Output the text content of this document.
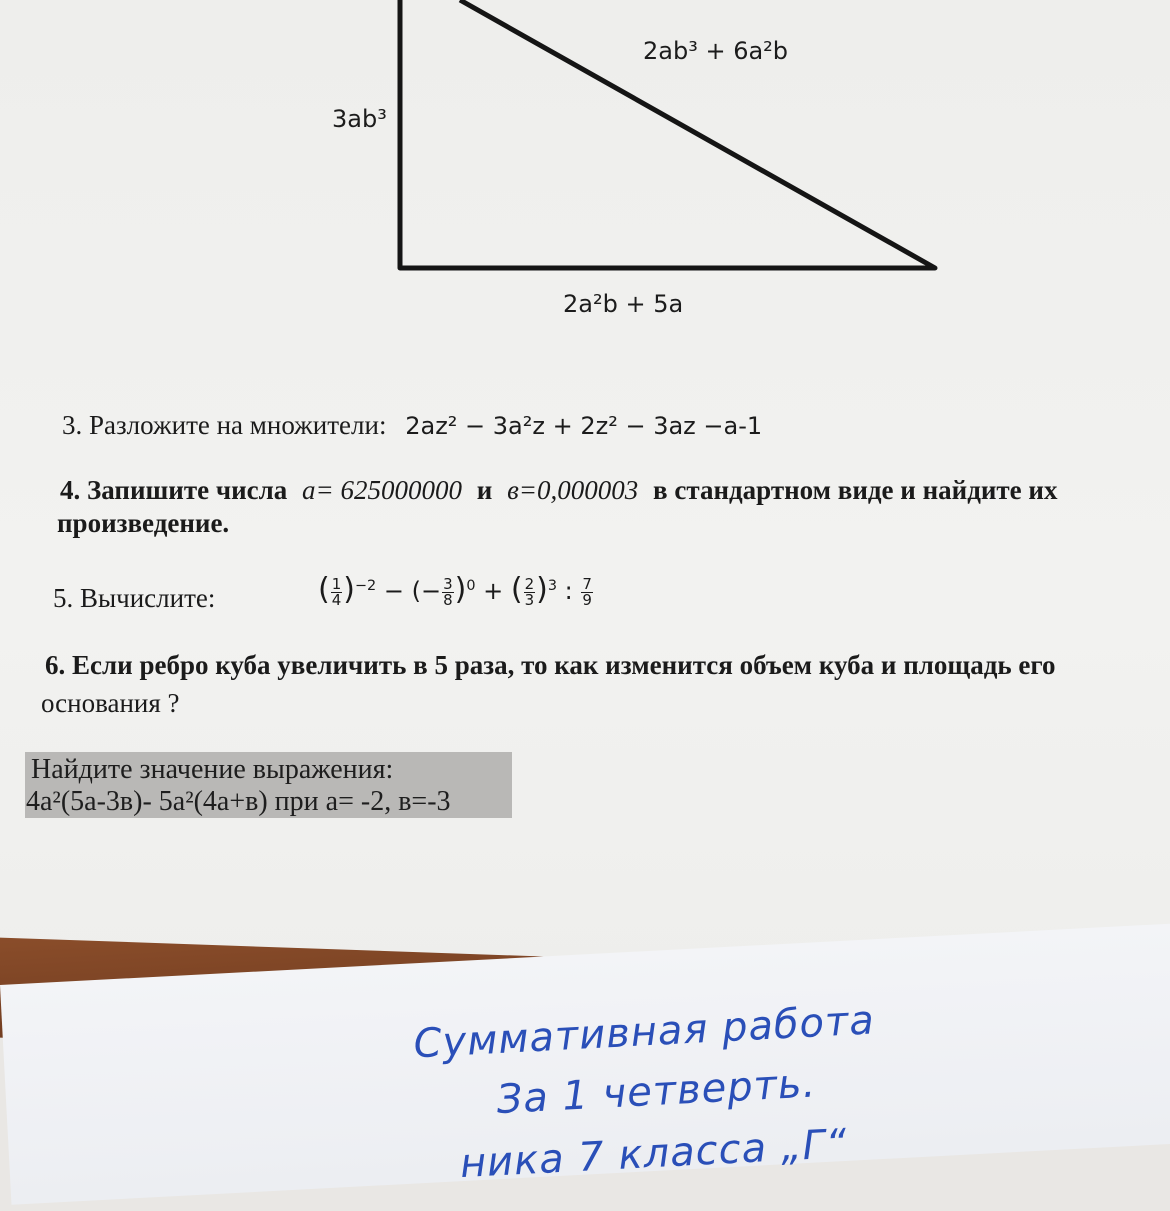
3ab³
2ab³ + 6a²b
2a²b + 5a
3. Разложите на множители: 2az² − 3a²z + 2z² − 3az −a-1
4. Запишите числа a= 625000000 и в=0,000003 в стандартном виде и найдите их
произведение.
5. Вычислите:	( $\frac{1}{4} )^{-2}$ − (− $\frac{3}{8} )^0$ + ( $\frac{2}{3} )^3$ : $\frac{7}{9}$
6. Если ребро куба увеличить в 5 раза, то как изменится объем куба и площадь его
основания ?
Найдите значение выражения:
4a²(5a-3в)- 5a²(4a+в) при a= -2, в=-3
Суммативная работа
За 1 четверть.
ника 7 класса „Г“
